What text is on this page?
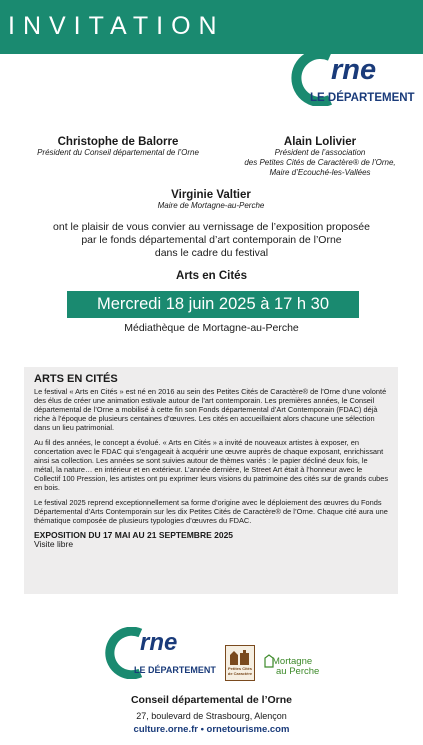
INVITATION
rne
LE DÉPARTEMENT
Christophe de Balorre
Président du Conseil départemental de l’Orne
Alain Lolivier
Président de l’association
des Petites Cités de Caractère® de l’Orne,
Maire d’Ecouché-les-Vallées
Virginie Valtier
Maire de Mortagne-au-Perche
ont le plaisir de vous convier au vernissage de l’exposition proposée
par le fonds départemental d’art contemporain de l’Orne
dans le cadre du festival
Arts en Cités
Mercredi 18 juin 2025 à 17 h 30
Médiathèque de Mortagne-au-Perche
ARTS EN CITÉS

Le festival « Arts en Cités » est né en 2016 au sein des Petites Cités de Caractère® de l’Orne d’une volonté des élus de créer une animation estivale autour de l’art contemporain. Les premières années, le Conseil départemental de l’Orne a mobilisé à cette fin son Fonds départemental d’Art Contemporain (FDAC) déjà riche à l’époque de plusieurs centaines d’œuvres. Les cités en accueillaient alors chacune une sélection dans un lieu patrimonial.

Au fil des années, le concept a évolué. « Arts en Cités » a invité de nouveaux artistes à exposer, en concertation avec le FDAC qui s’engageait à acquérir une œuvre auprès de chaque exposant, enrichissant ainsi sa collection. Les années se sont suivies autour de thèmes variés : le papier décliné deux fois, le métal, la nature… en intérieur et en extérieur. L’année dernière, le Street Art était à l’honneur avec le Collectif 100 Pression, les artistes ont pu exprimer leurs visions du patrimoine des cités sur de grands cubes en bois.

Le festival 2025 reprend exceptionnellement sa forme d’origine avec le déploiement des œuvres du Fonds Départemental d’Arts Contemporain sur les dix Petites Cités de Caractère® de l’Orne. Chaque cité aura une thématique composée de plusieurs typologies d’œuvres du FDAC.

EXPOSITION DU 17 MAI AU 21 SEPTEMBRE 2025
Visite libre
rne
LE DÉPARTEMENT	Petites Cités de Caractère
Mortagne
au Perche
Conseil départemental de l’Orne
27, boulevard de Strasbourg, Alençon
culture.orne.fr • ornetourisme.com
